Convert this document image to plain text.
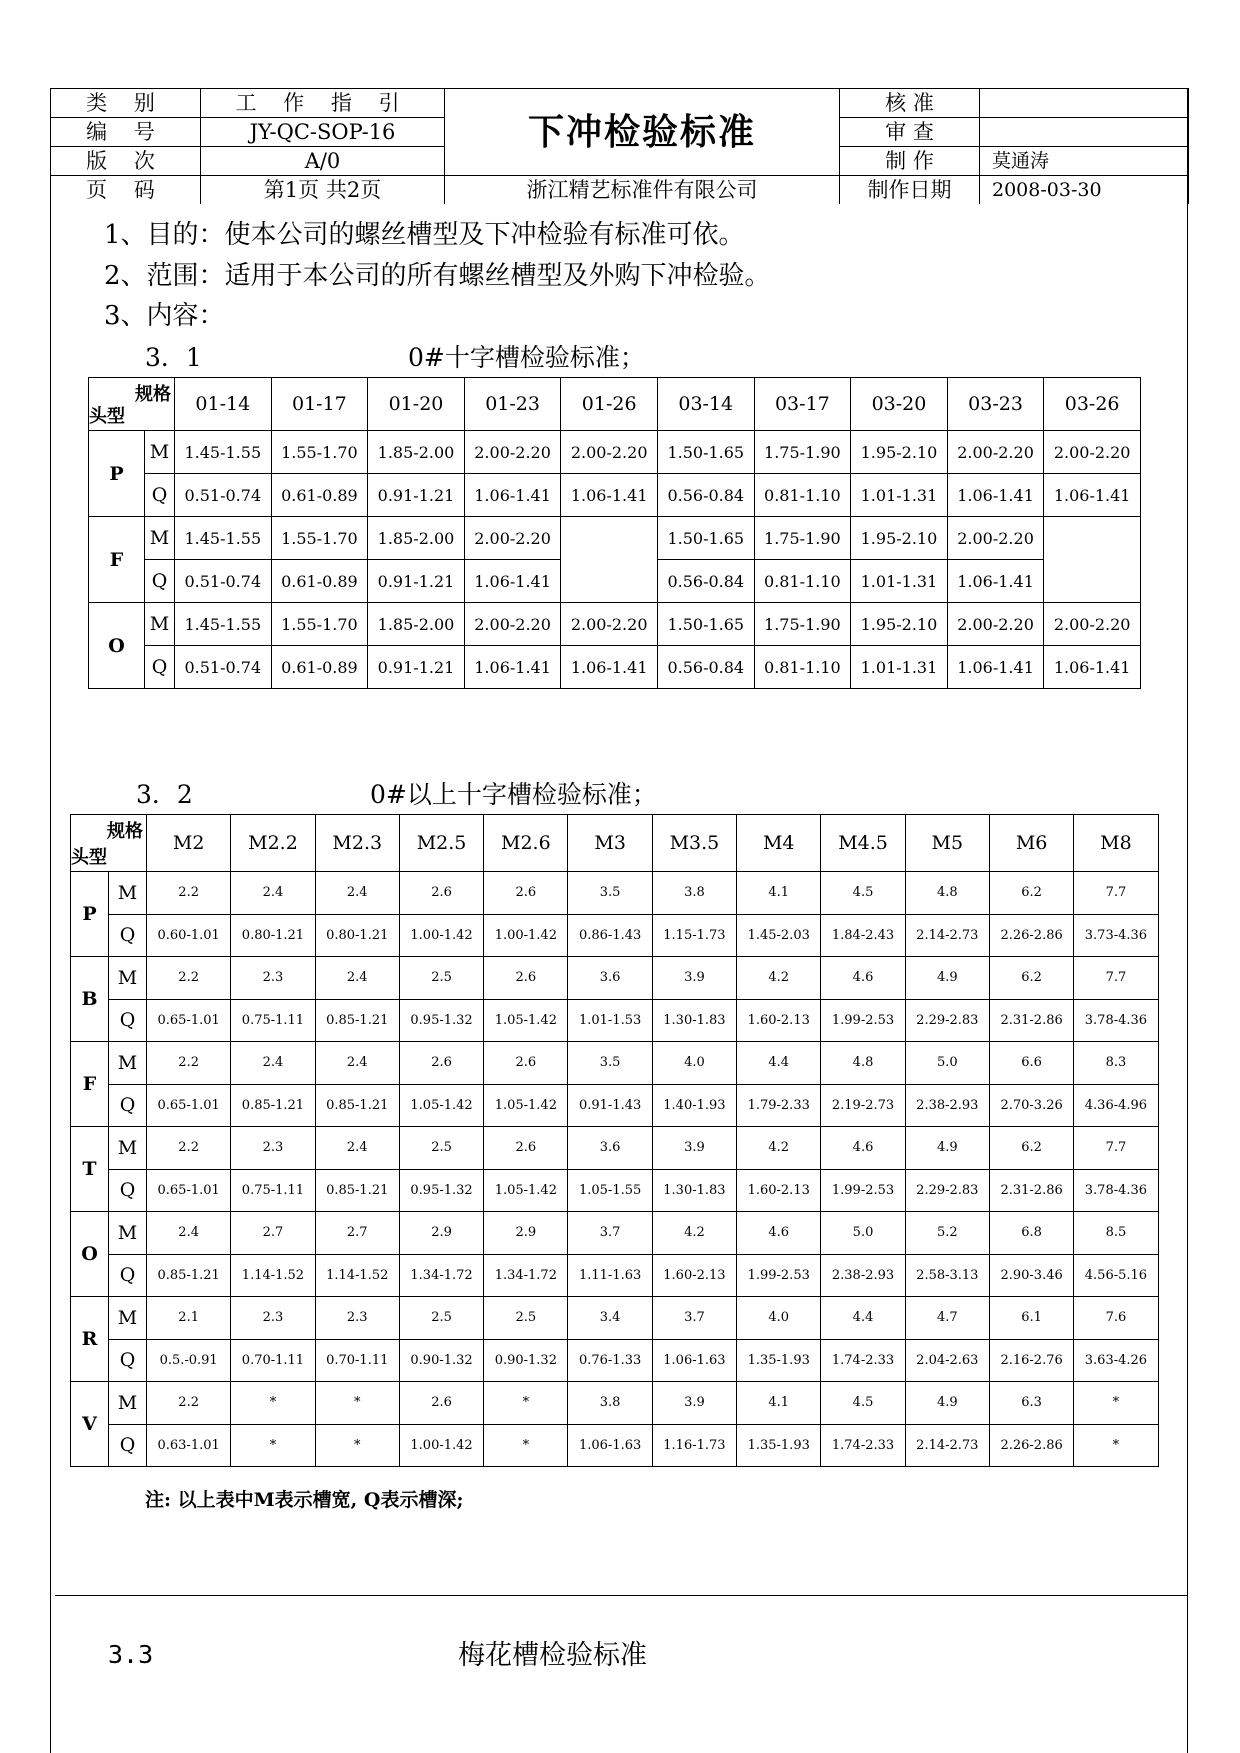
类 别	工 作 指 引	下冲检验标准	核 准	
编 号	JY-QC-SOP-16		审 查	
版 次	A/0		制 作	莫通涛
页 码	第1页 共2页	浙江精艺标准件有限公司	制作日期	2008-03-30
1、目的：使本公司的螺丝槽型及下冲检验有标准可依。
2、范围：适用于本公司的所有螺丝槽型及外购下冲检验。
3、内容：
3．1	0#十字槽检验标准；
规格
头型		01-14	01-17	01-20	01-23	01-26	03-14	03-17	03-20	03-23	03-26
P	M	1.45-1.55	1.55-1.70	1.85-2.00	2.00-2.20	2.00-2.20	1.50-1.65	1.75-1.90	1.95-2.10	2.00-2.20	2.00-2.20
	Q	0.51-0.74	0.61-0.89	0.91-1.21	1.06-1.41	1.06-1.41	0.56-0.84	0.81-1.10	1.01-1.31	1.06-1.41	1.06-1.41
F	M	1.45-1.55	1.55-1.70	1.85-2.00	2.00-2.20		1.50-1.65	1.75-1.90	1.95-2.10	2.00-2.20	
	Q	0.51-0.74	0.61-0.89	0.91-1.21	1.06-1.41		0.56-0.84	0.81-1.10	1.01-1.31	1.06-1.41	
O	M	1.45-1.55	1.55-1.70	1.85-2.00	2.00-2.20	2.00-2.20	1.50-1.65	1.75-1.90	1.95-2.10	2.00-2.20	2.00-2.20
	Q	0.51-0.74	0.61-0.89	0.91-1.21	1.06-1.41	1.06-1.41	0.56-0.84	0.81-1.10	1.01-1.31	1.06-1.41	1.06-1.41
3．2	0#以上十字槽检验标准；
规格
头型		M2	M2.2	M2.3	M2.5	M2.6	M3	M3.5	M4	M4.5	M5	M6	M8
P	M	2.2	2.4	2.4	2.6	2.6	3.5	3.8	4.1	4.5	4.8	6.2	7.7
	Q	0.60-1.01	0.80-1.21	0.80-1.21	1.00-1.42	1.00-1.42	0.86-1.43	1.15-1.73	1.45-2.03	1.84-2.43	2.14-2.73	2.26-2.86	3.73-4.36
B	M	2.2	2.3	2.4	2.5	2.6	3.6	3.9	4.2	4.6	4.9	6.2	7.7
	Q	0.65-1.01	0.75-1.11	0.85-1.21	0.95-1.32	1.05-1.42	1.01-1.53	1.30-1.83	1.60-2.13	1.99-2.53	2.29-2.83	2.31-2.86	3.78-4.36
F	M	2.2	2.4	2.4	2.6	2.6	3.5	4.0	4.4	4.8	5.0	6.6	8.3
	Q	0.65-1.01	0.85-1.21	0.85-1.21	1.05-1.42	1.05-1.42	0.91-1.43	1.40-1.93	1.79-2.33	2.19-2.73	2.38-2.93	2.70-3.26	4.36-4.96
T	M	2.2	2.3	2.4	2.5	2.6	3.6	3.9	4.2	4.6	4.9	6.2	7.7
	Q	0.65-1.01	0.75-1.11	0.85-1.21	0.95-1.32	1.05-1.42	1.05-1.55	1.30-1.83	1.60-2.13	1.99-2.53	2.29-2.83	2.31-2.86	3.78-4.36
O	M	2.4	2.7	2.7	2.9	2.9	3.7	4.2	4.6	5.0	5.2	6.8	8.5
	Q	0.85-1.21	1.14-1.52	1.14-1.52	1.34-1.72	1.34-1.72	1.11-1.63	1.60-2.13	1.99-2.53	2.38-2.93	2.58-3.13	2.90-3.46	4.56-5.16
R	M	2.1	2.3	2.3	2.5	2.5	3.4	3.7	4.0	4.4	4.7	6.1	7.6
	Q	0.5.-0.91	0.70-1.11	0.70-1.11	0.90-1.32	0.90-1.32	0.76-1.33	1.06-1.63	1.35-1.93	1.74-2.33	2.04-2.63	2.16-2.76	3.63-4.26
V	M	2.2	*	*	2.6	*	3.8	3.9	4.1	4.5	4.9	6.3	*
	Q	0.63-1.01	*	*	1.00-1.42	*	1.06-1.63	1.16-1.73	1.35-1.93	1.74-2.33	2.14-2.73	2.26-2.86	*
注: 以上表中M表示槽宽, Q表示槽深;
3.3	梅花槽检验标准
